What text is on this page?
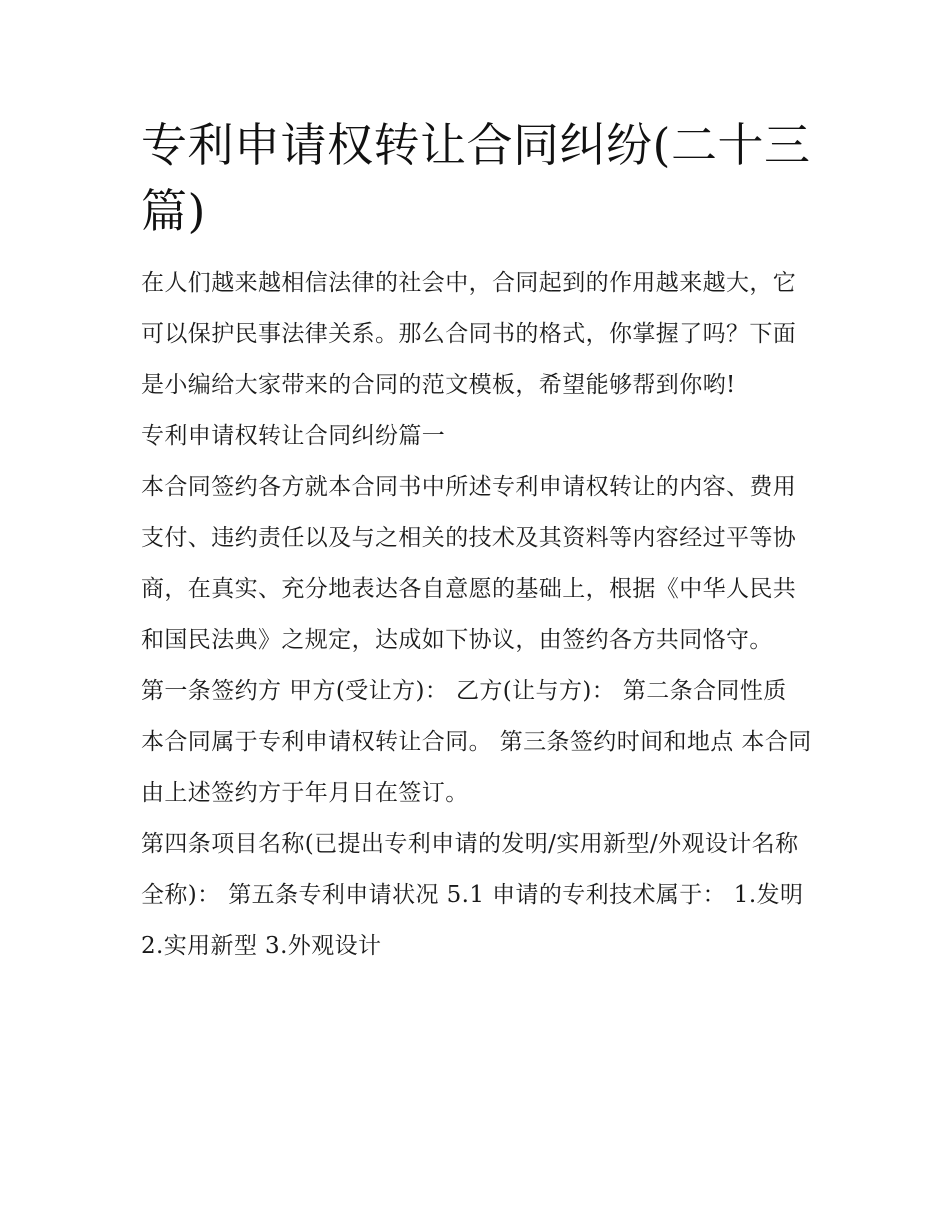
专利申请权转让合同纠纷(二十三篇)

在人们越来越相信法律的社会中，合同起到的作用越来越大，它可以保护民事法律关系。那么合同书的格式，你掌握了吗？下面是小编给大家带来的合同的范文模板，希望能够帮到你哟!

专利申请权转让合同纠纷篇一

本合同签约各方就本合同书中所述专利申请权转让的内容、费用支付、违约责任以及与之相关的技术及其资料等内容经过平等协商，在真实、充分地表达各自意愿的基础上，根据《中华人民共和国民法典》之规定，达成如下协议，由签约各方共同恪守。

第一条签约方 甲方(受让方)： 乙方(让与方)： 第二条合同性质 本合同属于专利申请权转让合同。 第三条签约时间和地点 本合同由上述签约方于年月日在签订。

第四条项目名称(已提出专利申请的发明/实用新型/外观设计名称全称)： 第五条专利申请状况 5.1 申请的专利技术属于： 1.发明 2.实用新型 3.外观设计
